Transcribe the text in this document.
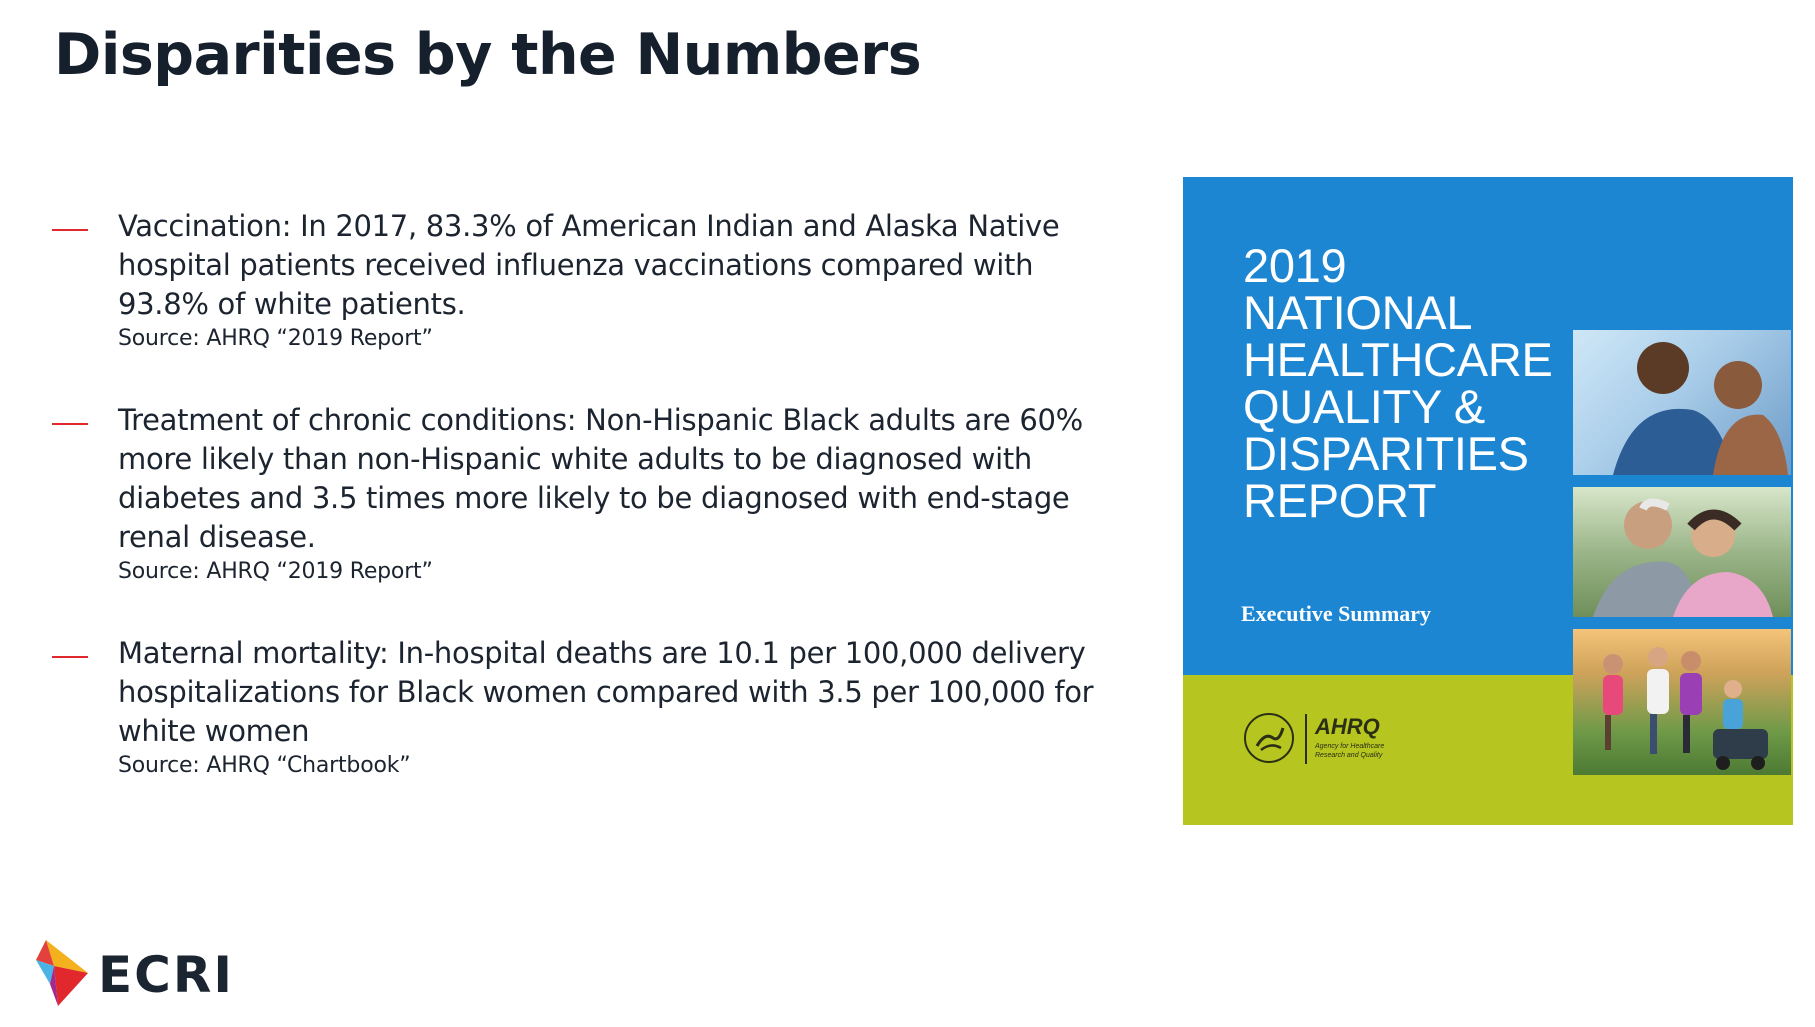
Disparities by the Numbers
Vaccination: In 2017, 83.3% of American Indian and Alaska Native hospital patients received influenza vaccinations compared with 93.8% of white patients.
Source: AHRQ “2019 Report”
Treatment of chronic conditions: Non-Hispanic Black adults are 60% more likely than non-Hispanic white adults to be diagnosed with diabetes and 3.5 times more likely to be diagnosed with end-stage renal disease.
Source: AHRQ “2019 Report”
Maternal mortality: In-hospital deaths are 10.1 per 100,000 delivery hospitalizations for Black women compared with 3.5 per 100,000 for white women
Source: AHRQ “Chartbook”
2019
NATIONAL
HEALTHCARE
QUALITY &
DISPARITIES
REPORT
Executive Summary
AHRQ
Agency for Healthcare
Research and Quality
ECRI
